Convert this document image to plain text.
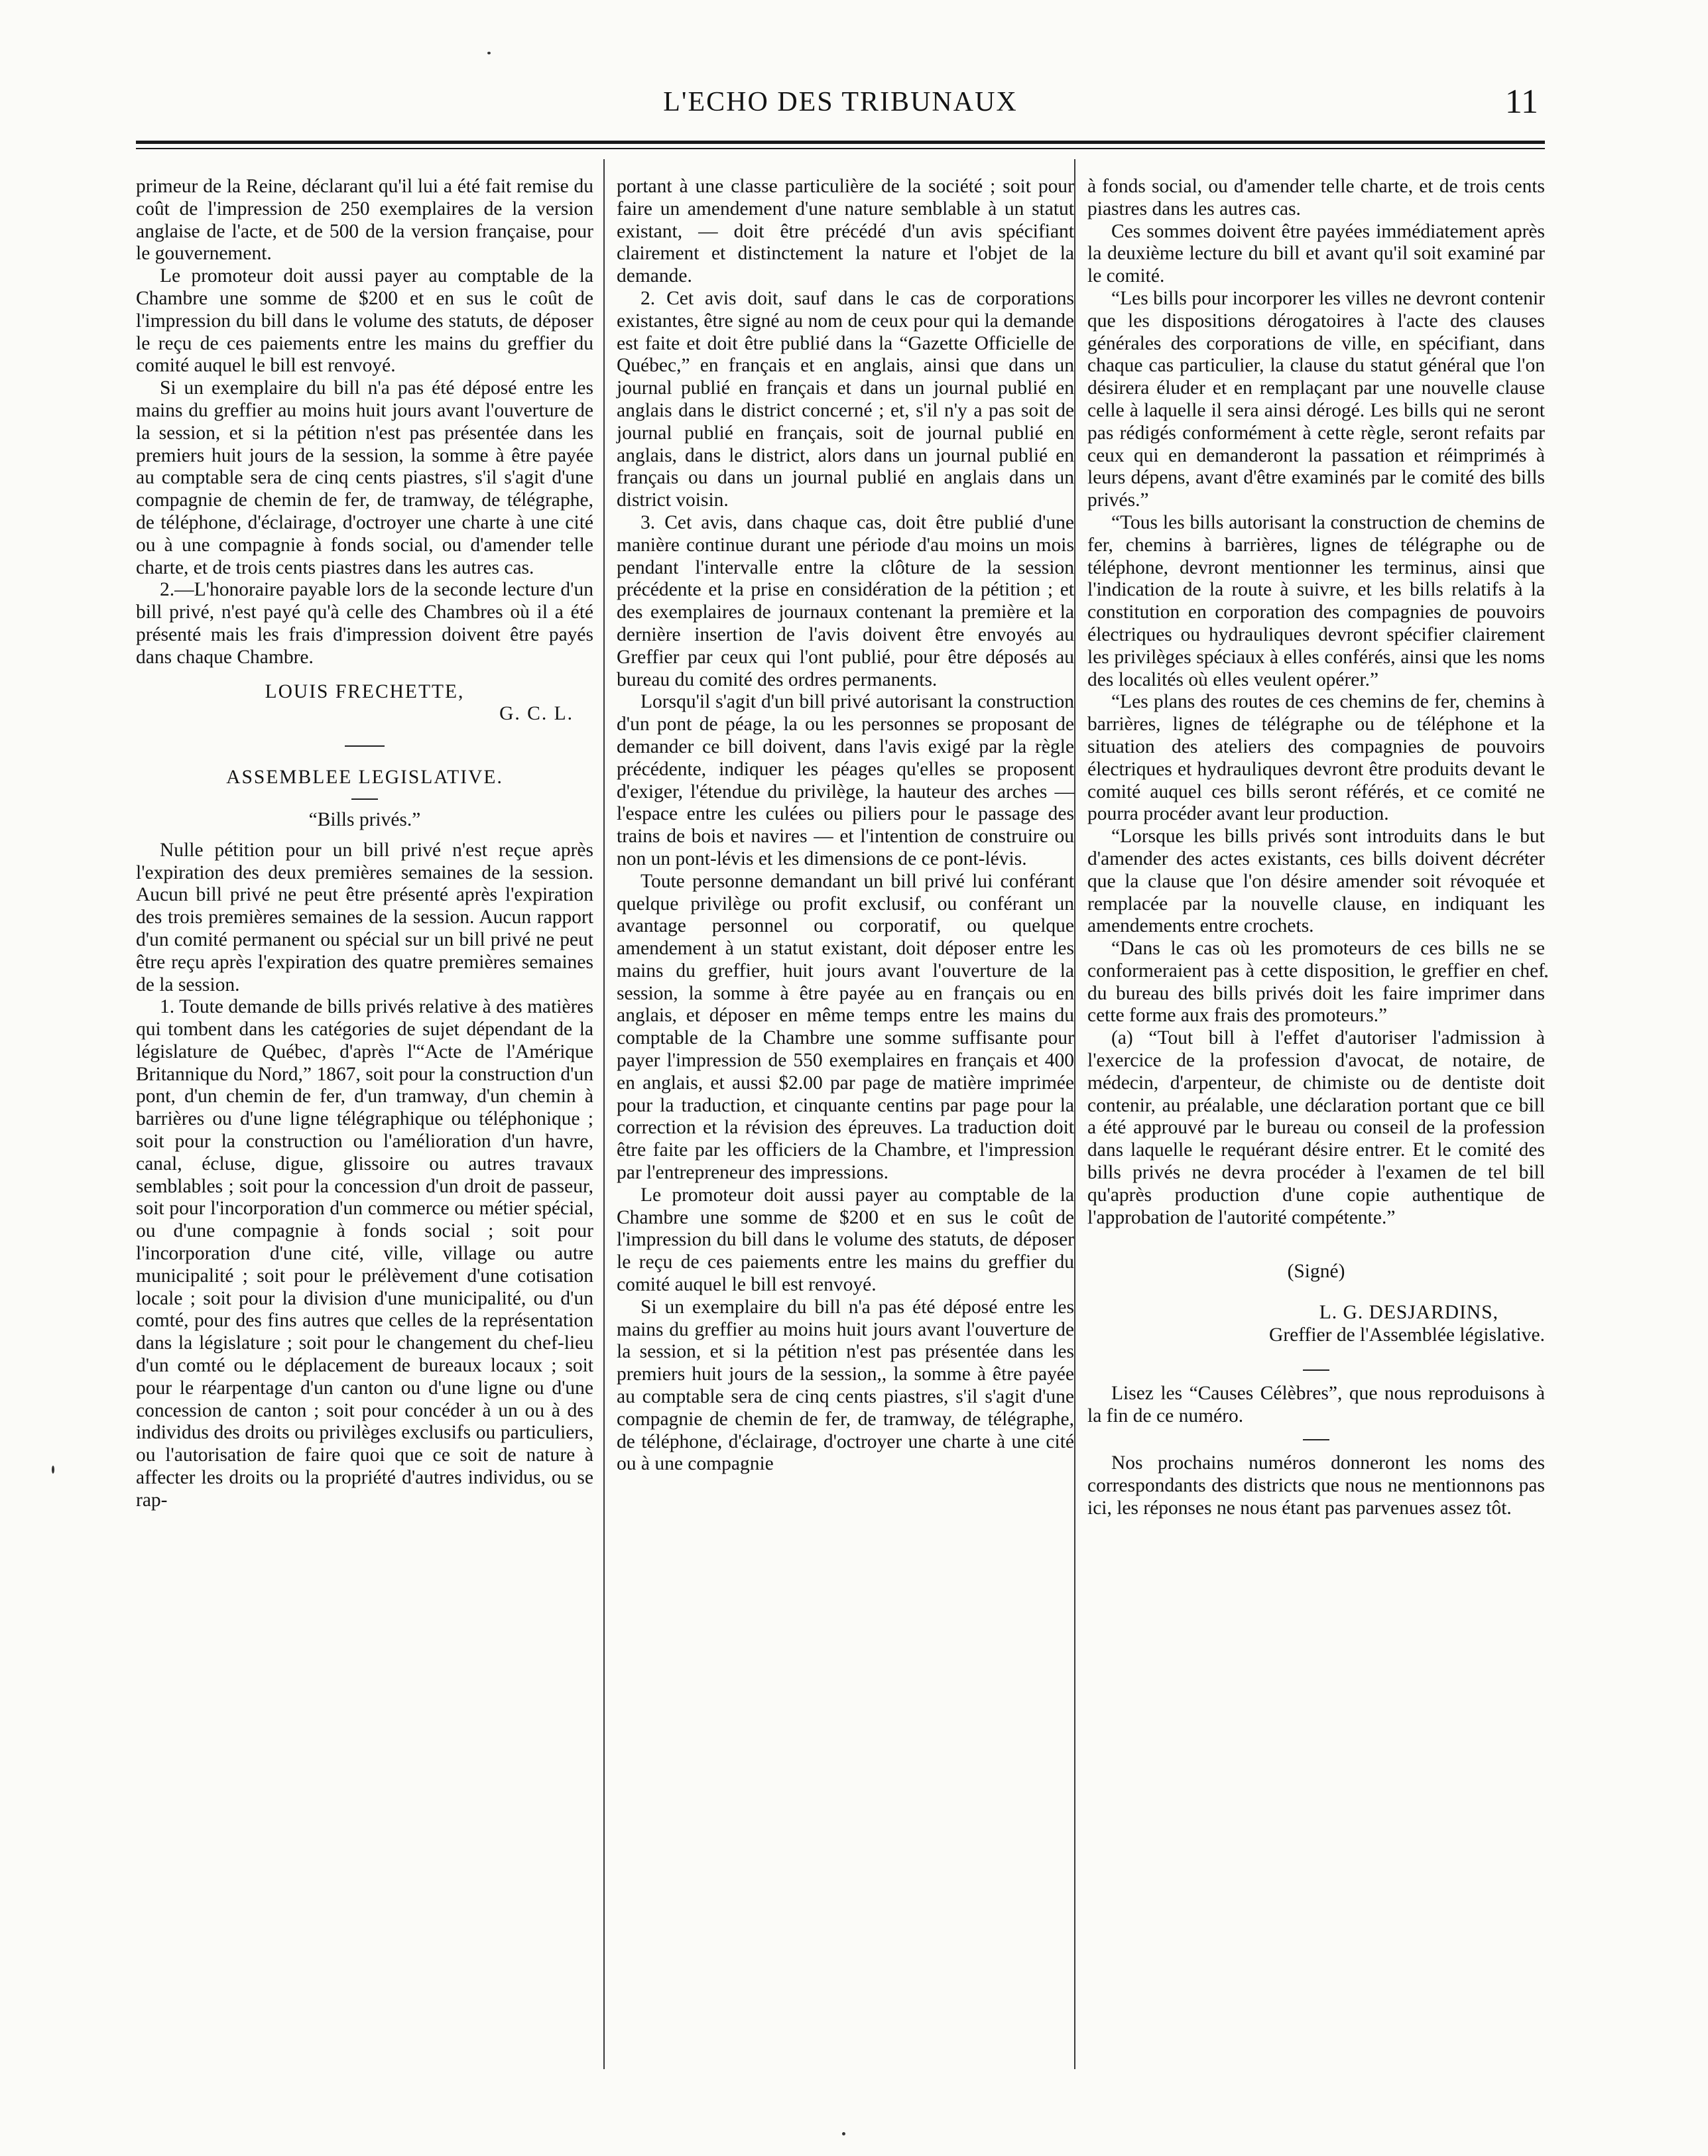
L'ECHO DES TRIBUNAUX	11

primeur de la Reine, déclarant qu'il lui a été fait remise du coût de l'impression de 250 exemplaires de la version anglaise de l'acte, et de 500 de la version française, pour le gouvernement.

Le promoteur doit aussi payer au comptable de la Chambre une somme de $200 et en sus le coût de l'impression du bill dans le volume des statuts, de déposer le reçu de ces paiements entre les mains du greffier du comité auquel le bill est renvoyé.

Si un exemplaire du bill n'a pas été déposé entre les mains du greffier au moins huit jours avant l'ouverture de la session, et si la pétition n'est pas présentée dans les premiers huit jours de la session, la somme à être payée au comptable sera de cinq cents piastres, s'il s'agit d'une compagnie de chemin de fer, de tramway, de télégraphe, de téléphone, d'éclairage, d'octroyer une charte à une cité ou à une compagnie à fonds social, ou d'amender telle charte, et de trois cents piastres dans les autres cas.

2.—L'honoraire payable lors de la seconde lecture d'un bill privé, n'est payé qu'à celle des Chambres où il a été présenté mais les frais d'impression doivent être payés dans chaque Chambre.

LOUIS FRECHETTE,
G. C. L.
ASSEMBLEE LEGISLATIVE.
“Bills privés.”

Nulle pétition pour un bill privé n'est reçue après l'expiration des deux premières semaines de la session. Aucun bill privé ne peut être présenté après l'expiration des trois premières semaines de la session. Aucun rapport d'un comité permanent ou spécial sur un bill privé ne peut être reçu après l'expiration des quatre premières semaines de la session.

1. Toute demande de bills privés relative à des matières qui tombent dans les catégories de sujet dépendant de la législature de Québec, d'après l'“Acte de l'Amérique Britannique du Nord,” 1867, soit pour la construction d'un pont, d'un chemin de fer, d'un tramway, d'un chemin à barrières ou d'une ligne télégraphique ou téléphonique ; soit pour la construction ou l'amélioration d'un havre, canal, écluse, digue, glissoire ou autres travaux semblables ; soit pour la concession d'un droit de passeur, soit pour l'incorporation d'un commerce ou métier spécial, ou d'une compagnie à fonds social ; soit pour l'incorporation d'une cité, ville, village ou autre municipalité ; soit pour le prélèvement d'une cotisation locale ; soit pour la division d'une municipalité, ou d'un comté, pour des fins autres que celles de la représentation dans la législature ; soit pour le changement du chef-lieu d'un comté ou le déplacement de bureaux locaux ; soit pour le réarpentage d'un canton ou d'une ligne ou d'une concession de canton ; soit pour concéder à un ou à des individus des droits ou privilèges exclusifs ou particuliers, ou l'autorisation de faire quoi que ce soit de nature à affecter les droits ou la propriété d'autres individus, ou se rap-

portant à une classe particulière de la société ; soit pour faire un amendement d'une nature semblable à un statut existant, — doit être précédé d'un avis spécifiant clairement et distinctement la nature et l'objet de la demande.

2. Cet avis doit, sauf dans le cas de corporations existantes, être signé au nom de ceux pour qui la demande est faite et doit être publié dans la “Gazette Officielle de Québec,” en français et en anglais, ainsi que dans un journal publié en français et dans un journal publié en anglais dans le district concerné ; et, s'il n'y a pas soit de journal publié en français, soit de journal publié en anglais, dans le district, alors dans un journal publié en français ou dans un journal publié en anglais dans un district voisin.

3. Cet avis, dans chaque cas, doit être publié d'une manière continue durant une période d'au moins un mois pendant l'intervalle entre la clôture de la session précédente et la prise en considération de la pétition ; et des exemplaires de journaux contenant la première et la dernière insertion de l'avis doivent être envoyés au Greffier par ceux qui l'ont publié, pour être déposés au bureau du comité des ordres permanents.

Lorsqu'il s'agit d'un bill privé autorisant la construction d'un pont de péage, la ou les personnes se proposant de demander ce bill doivent, dans l'avis exigé par la règle précédente, indiquer les péages qu'elles se proposent d'exiger, l'étendue du privilège, la hauteur des arches — l'espace entre les culées ou piliers pour le passage des trains de bois et navires — et l'intention de construire ou non un pont-lévis et les dimensions de ce pont-lévis.

Toute personne demandant un bill privé lui conférant quelque privilège ou profit exclusif, ou conférant un avantage personnel ou corporatif, ou quelque amendement à un statut existant, doit déposer entre les mains du greffier, huit jours avant l'ouverture de la session, la somme à être payée au en français ou en anglais, et déposer en même temps entre les mains du comptable de la Chambre une somme suffisante pour payer l'impression de 550 exemplaires en français et 400 en anglais, et aussi $2.00 par page de matière imprimée pour la traduction, et cinquante centins par page pour la correction et la révision des épreuves. La traduction doit être faite par les officiers de la Chambre, et l'impression par l'entrepreneur des impressions.

Le promoteur doit aussi payer au comptable de la Chambre une somme de $200 et en sus le coût de l'impression du bill dans le volume des statuts, de déposer le reçu de ces paiements entre les mains du greffier du comité auquel le bill est renvoyé.

Si un exemplaire du bill n'a pas été déposé entre les mains du greffier au moins huit jours avant l'ouverture de la session, et si la pétition n'est pas présentée dans les premiers huit jours de la session,, la somme à être payée au comptable sera de cinq cents piastres, s'il s'agit d'une compagnie de chemin de fer, de tramway, de télégraphe, de téléphone, d'éclairage, d'octroyer une charte à une cité ou à une compagnie

à fonds social, ou d'amender telle charte, et de trois cents piastres dans les autres cas.

Ces sommes doivent être payées immédiatement après la deuxième lecture du bill et avant qu'il soit examiné par le comité.

“Les bills pour incorporer les villes ne devront contenir que les dispositions dérogatoires à l'acte des clauses générales des corporations de ville, en spécifiant, dans chaque cas particulier, la clause du statut général que l'on désirera éluder et en remplaçant par une nouvelle clause celle à laquelle il sera ainsi dérogé. Les bills qui ne seront pas rédigés conformément à cette règle, seront refaits par ceux qui en demanderont la passation et réimprimés à leurs dépens, avant d'être examinés par le comité des bills privés.”

“Tous les bills autorisant la construction de chemins de fer, chemins à barrières, lignes de télégraphe ou de téléphone, devront mentionner les terminus, ainsi que l'indication de la route à suivre, et les bills relatifs à la constitution en corporation des compagnies de pouvoirs électriques ou hydrauliques devront spécifier clairement les privilèges spéciaux à elles conférés, ainsi que les noms des localités où elles veulent opérer.”

“Les plans des routes de ces chemins de fer, chemins à barrières, lignes de télégraphe ou de téléphone et la situation des ateliers des compagnies de pouvoirs électriques et hydrauliques devront être produits devant le comité auquel ces bills seront référés, et ce comité ne pourra procéder avant leur production.

“Lorsque les bills privés sont introduits dans le but d'amender des actes existants, ces bills doivent décréter que la clause que l'on désire amender soit révoquée et remplacée par la nouvelle clause, en indiquant les amendements entre crochets.

“Dans le cas où les promoteurs de ces bills ne se conformeraient pas à cette disposition, le greffier en chef du bureau des bills privés doit les faire imprimer dans cette forme aux frais des promoteurs.”

(a) “Tout bill à l'effet d'autoriser l'admission à l'exercice de la profession d'avocat, de notaire, de médecin, d'arpenteur, de chimiste ou de dentiste doit contenir, au préalable, une déclaration portant que ce bill a été approuvé par le bureau ou conseil de la profession dans laquelle le requérant désire entrer. Et le comité des bills privés ne devra procéder à l'examen de tel bill qu'après production d'une copie authentique de l'approbation de l'autorité compétente.”

(Signé)
L. G. DESJARDINS,
Greffier de l'Assemblée législative.

Lisez les “Causes Célèbres”, que nous reproduisons à la fin de ce numéro.

Nos prochains numéros donneront les noms des correspondants des districts que nous ne mentionnons pas ici, les réponses ne nous étant pas parvenues assez tôt.
